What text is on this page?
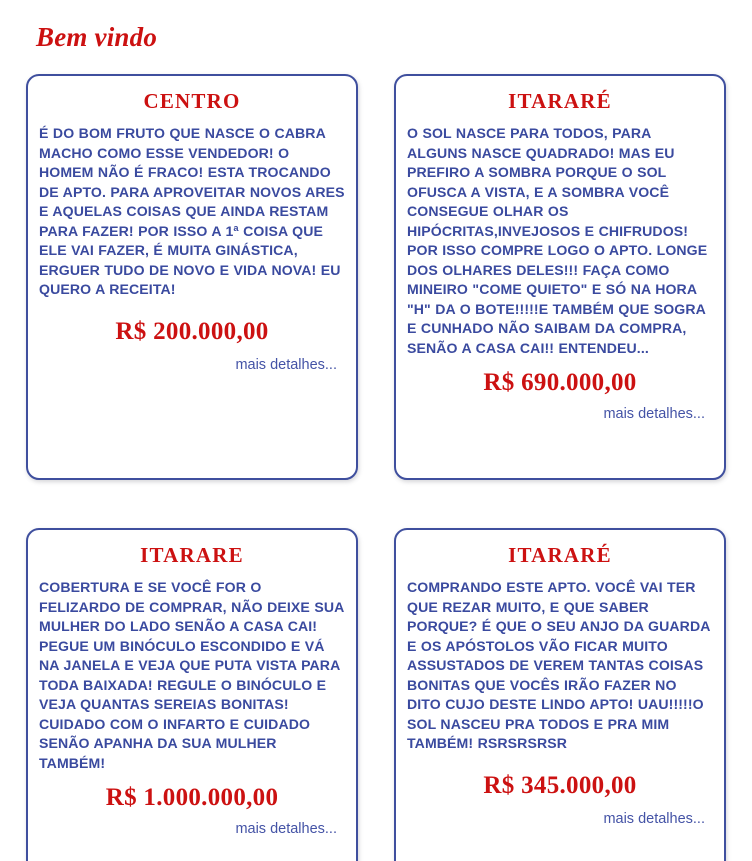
Bem vindo
CENTRO

É DO BOM FRUTO QUE NASCE O CABRA MACHO COMO ESSE VENDEDOR! O HOMEM NÃO É FRACO! ESTA TROCANDO DE APTO. PARA APROVEITAR NOVOS ARES E AQUELAS COISAS QUE AINDA RESTAM PARA FAZER! POR ISSO A 1ª COISA QUE ELE VAI FAZER, É MUITA GINÁSTICA, ERGUER TUDO DE NOVO E VIDA NOVA! EU QUERO A RECEITA!

R$ 200.000,00
mais detalhes...
ITARARÉ

O SOL NASCE PARA TODOS, PARA ALGUNS NASCE QUADRADO! MAS EU PREFIRO A SOMBRA PORQUE O SOL OFUSCA A VISTA, E A SOMBRA VOCÊ CONSEGUE OLHAR OS HIPÓCRITAS,INVEJOSOS E CHIFRUDOS! POR ISSO COMPRE LOGO O APTO. LONGE DOS OLHARES DELES!!! FAÇA COMO MINEIRO "COME QUIETO" E SÓ NA HORA "H" DA O BOTE!!!!!E TAMBÉM QUE SOGRA E CUNHADO NÃO SAIBAM DA COMPRA, SENÃO A CASA CAI!! ENTENDEU...

R$ 690.000,00
mais detalhes...
ITARARE

COBERTURA E SE VOCÊ FOR O FELIZARDO DE COMPRAR, NÃO DEIXE SUA MULHER DO LADO SENÃO A CASA CAI! PEGUE UM BINÓCULO ESCONDIDO E VÁ NA JANELA E VEJA QUE PUTA VISTA PARA TODA BAIXADA! REGULE O BINÓCULO E VEJA QUANTAS SEREIAS BONITAS! CUIDADO COM O INFARTO E CUIDADO SENÃO APANHA DA SUA MULHER TAMBÉM!

R$ 1.000.000,00
mais detalhes...
ITARARÉ

COMPRANDO ESTE APTO. VOCÊ VAI TER QUE REZAR MUITO, E QUE SABER PORQUE? É QUE O SEU ANJO DA GUARDA E OS APÓSTOLOS VÃO FICAR MUITO ASSUSTADOS DE VEREM TANTAS COISAS BONITAS QUE VOCÊS IRÃO FAZER NO DITO CUJO DESTE LINDO APTO! UAU!!!!!O SOL NASCEU PRA TODOS E PRA MIM TAMBÉM! RSRSRSRSR

R$ 345.000,00
mais detalhes...
